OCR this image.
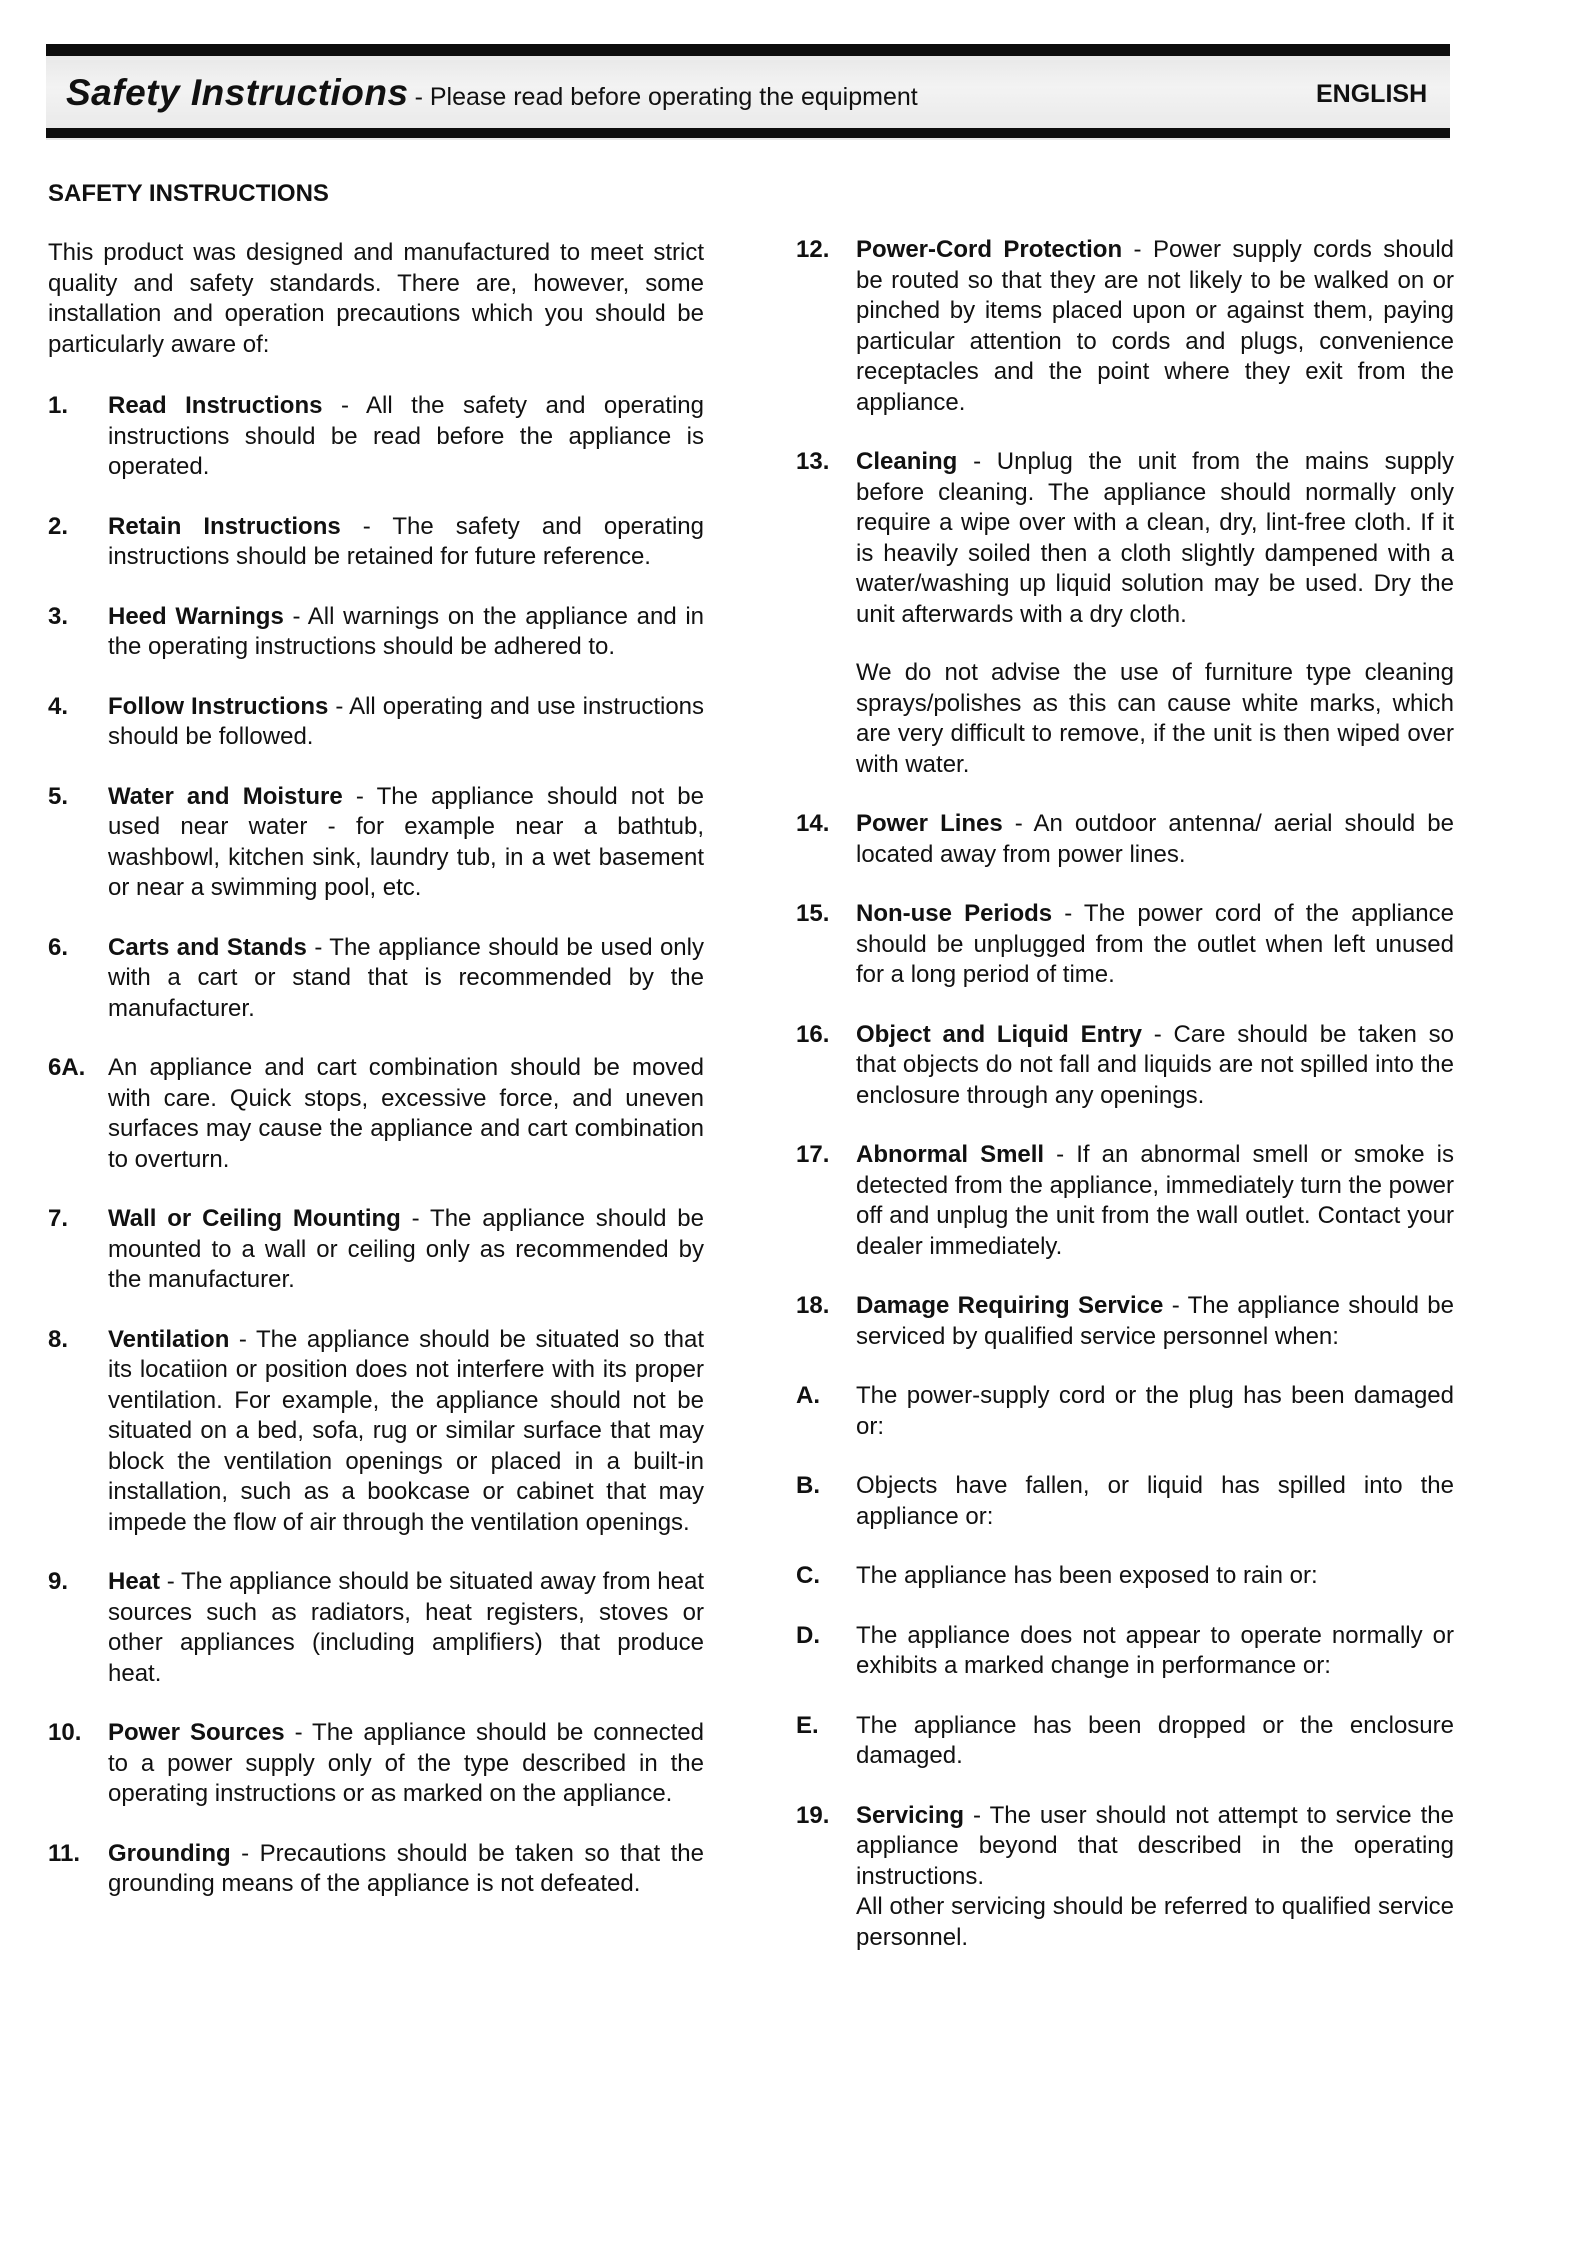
Safety Instructions - Please read before operating the equipment	ENGLISH
SAFETY INSTRUCTIONS

This product was designed and manufactured to meet strict quality and safety standards. There are, however, some installation and operation precautions which you should be particularly aware of:

1.	Read Instructions - All the safety and operating instructions should be read before the appliance is operated.

2.	Retain Instructions - The safety and operating instructions should be retained for future reference.

3.	Heed Warnings - All warnings on the appliance and in the operating instructions should be adhered to.

4.	Follow Instructions - All operating and use instructions should be followed.

5.	Water and Moisture - The appliance should not be used near water - for example near a bathtub, washbowl, kitchen sink, laundry tub, in a wet basement or near a swimming pool, etc.

6.	Carts and Stands - The appliance should be used only with a cart or stand that is recommended by the manufacturer.

6A. An appliance and cart combination should be moved with care. Quick stops, excessive force, and uneven surfaces may cause the appliance and cart combination to overturn.

7.	Wall or Ceiling Mounting - The appliance should be mounted to a wall or ceiling only as recommended by the manufacturer.

8.	Ventilation - The appliance should be situated so that its locatiion or position does not interfere with its proper ventilation. For example, the appliance should not be situated on a bed, sofa, rug or similar surface that may block the ventilation openings or placed in a built-in installation, such as a bookcase or cabinet that may impede the flow of air through the ventilation openings.

9.	Heat - The appliance should be situated away from heat sources such as radiators, heat registers, stoves or other appliances (including amplifiers) that produce heat.

10.	Power Sources - The appliance should be connected to a power supply only of the type described in the operating instructions or as marked on the appliance.

11.	Grounding - Precautions should be taken so that the grounding means of the appliance is not defeated.

12.	Power-Cord Protection - Power supply cords should be routed so that they are not likely to be walked on or pinched by items placed upon or against them, paying particular attention to cords and plugs, convenience receptacles and the point where they exit from the appliance.

13.	Cleaning - Unplug the unit from the mains supply before cleaning. The appliance should normally only require a wipe over with a clean, dry, lint-free cloth. If it is heavily soiled then a cloth slightly dampened with a water/washing up liquid solution may be used. Dry the unit afterwards with a dry cloth.

We do not advise the use of furniture type cleaning sprays/polishes as this can cause white marks, which are very difficult to remove, if the unit is then wiped over with water.

14.	Power Lines - An outdoor antenna/ aerial should be located away from power lines.

15.	Non-use Periods - The power cord of the appliance should be unplugged from the outlet when left unused for a long period of time.

16.	Object and Liquid Entry - Care should be taken so that objects do not fall and liquids are not spilled into the enclosure through any openings.

17.	Abnormal Smell - If an abnormal smell or smoke is detected from the appliance, immediately turn the power off and unplug the unit from the wall outlet. Contact your dealer immediately.

18.	Damage Requiring Service - The appliance should be serviced by qualified service personnel when:

A.	The power-supply cord or the plug has been damaged or:

B.	Objects have fallen, or liquid has spilled into the appliance or:

C.	The appliance has been exposed to rain or:

D.	The appliance does not appear to operate normally or exhibits a marked change in performance or:

E.	The appliance has been dropped or the enclosure damaged.

19.	Servicing - The user should not attempt to service the appliance beyond that described in the operating instructions.

All other servicing should be referred to qualified service personnel.
